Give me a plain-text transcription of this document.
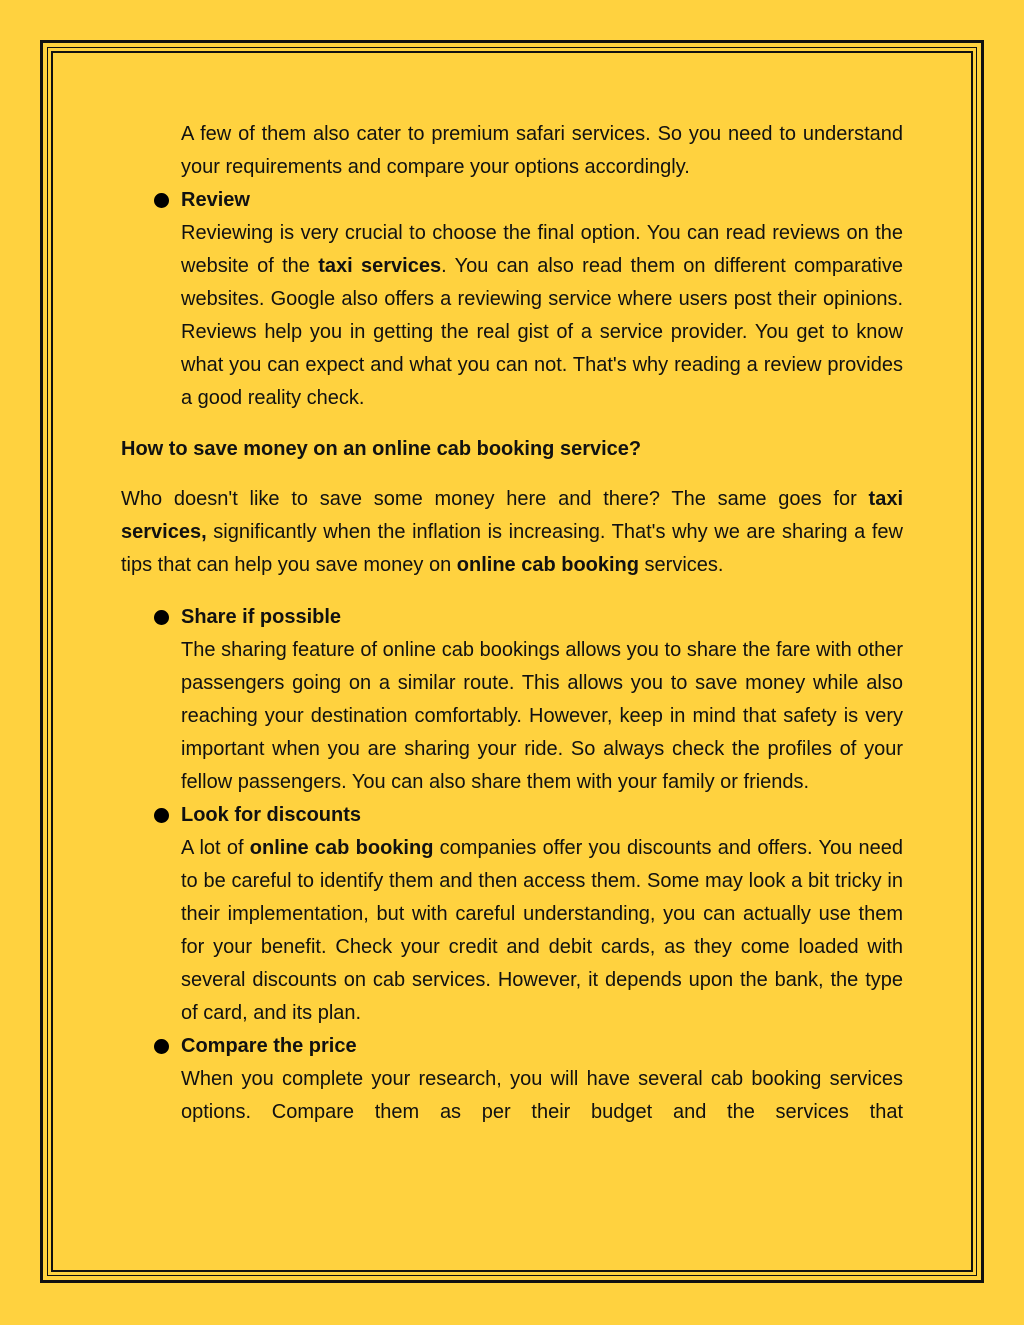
A few of them also cater to premium safari services. So you need to understand your requirements and compare your options accordingly.
Review
Reviewing is very crucial to choose the final option. You can read reviews on the website of the taxi services. You can also read them on different comparative websites. Google also offers a reviewing service where users post their opinions. Reviews help you in getting the real gist of a service provider. You get to know what you can expect and what you can not. That's why reading a review provides a good reality check.
How to save money on an online cab booking service?
Who doesn't like to save some money here and there? The same goes for taxi services, significantly when the inflation is increasing. That's why we are sharing a few tips that can help you save money on online cab booking services.
Share if possible
The sharing feature of online cab bookings allows you to share the fare with other passengers going on a similar route. This allows you to save money while also reaching your destination comfortably. However, keep in mind that safety is very important when you are sharing your ride. So always check the profiles of your fellow passengers. You can also share them with your family or friends.
Look for discounts
A lot of online cab booking companies offer you discounts and offers. You need to be careful to identify them and then access them. Some may look a bit tricky in their implementation, but with careful understanding, you can actually use them for your benefit. Check your credit and debit cards, as they come loaded with several discounts on cab services. However, it depends upon the bank, the type of card, and its plan.
Compare the price
When you complete your research, you will have several cab booking services options. Compare them as per their budget and the services that
